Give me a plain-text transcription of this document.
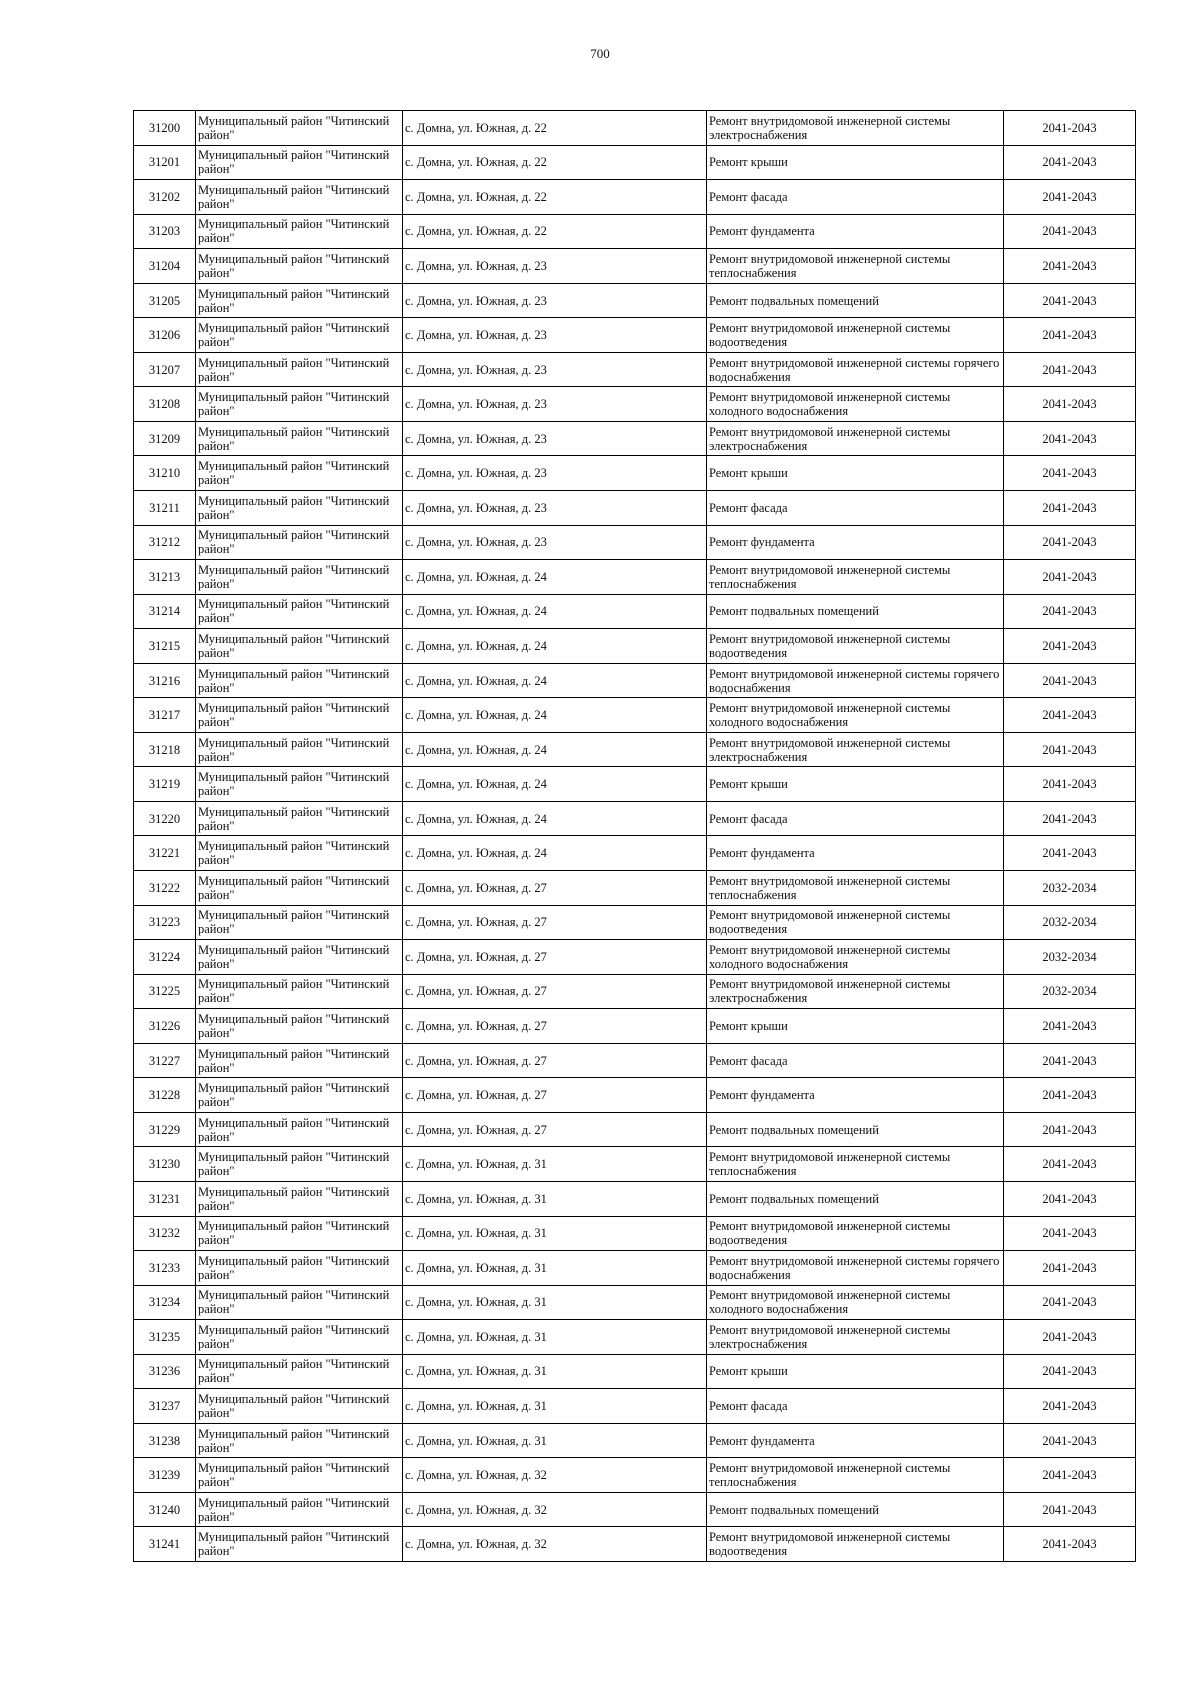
700
31200	Муниципальный район "Читинский район"	с. Домна, ул. Южная, д. 22	Ремонт внутридомовой инженерной системы электроснабжения	2041-2043
31201	Муниципальный район "Читинский район"	с. Домна, ул. Южная, д. 22	Ремонт крыши	2041-2043
31202	Муниципальный район "Читинский район"	с. Домна, ул. Южная, д. 22	Ремонт фасада	2041-2043
31203	Муниципальный район "Читинский район"	с. Домна, ул. Южная, д. 22	Ремонт фундамента	2041-2043
31204	Муниципальный район "Читинский район"	с. Домна, ул. Южная, д. 23	Ремонт внутридомовой инженерной системы теплоснабжения	2041-2043
31205	Муниципальный район "Читинский район"	с. Домна, ул. Южная, д. 23	Ремонт подвальных помещений	2041-2043
31206	Муниципальный район "Читинский район"	с. Домна, ул. Южная, д. 23	Ремонт внутридомовой инженерной системы водоотведения	2041-2043
31207	Муниципальный район "Читинский район"	с. Домна, ул. Южная, д. 23	Ремонт внутридомовой инженерной системы горячего водоснабжения	2041-2043
31208	Муниципальный район "Читинский район"	с. Домна, ул. Южная, д. 23	Ремонт внутридомовой инженерной системы холодного водоснабжения	2041-2043
31209	Муниципальный район "Читинский район"	с. Домна, ул. Южная, д. 23	Ремонт внутридомовой инженерной системы электроснабжения	2041-2043
31210	Муниципальный район "Читинский район"	с. Домна, ул. Южная, д. 23	Ремонт крыши	2041-2043
31211	Муниципальный район "Читинский район"	с. Домна, ул. Южная, д. 23	Ремонт фасада	2041-2043
31212	Муниципальный район "Читинский район"	с. Домна, ул. Южная, д. 23	Ремонт фундамента	2041-2043
31213	Муниципальный район "Читинский район"	с. Домна, ул. Южная, д. 24	Ремонт внутридомовой инженерной системы теплоснабжения	2041-2043
31214	Муниципальный район "Читинский район"	с. Домна, ул. Южная, д. 24	Ремонт подвальных помещений	2041-2043
31215	Муниципальный район "Читинский район"	с. Домна, ул. Южная, д. 24	Ремонт внутридомовой инженерной системы водоотведения	2041-2043
31216	Муниципальный район "Читинский район"	с. Домна, ул. Южная, д. 24	Ремонт внутридомовой инженерной системы горячего водоснабжения	2041-2043
31217	Муниципальный район "Читинский район"	с. Домна, ул. Южная, д. 24	Ремонт внутридомовой инженерной системы холодного водоснабжения	2041-2043
31218	Муниципальный район "Читинский район"	с. Домна, ул. Южная, д. 24	Ремонт внутридомовой инженерной системы электроснабжения	2041-2043
31219	Муниципальный район "Читинский район"	с. Домна, ул. Южная, д. 24	Ремонт крыши	2041-2043
31220	Муниципальный район "Читинский район"	с. Домна, ул. Южная, д. 24	Ремонт фасада	2041-2043
31221	Муниципальный район "Читинский район"	с. Домна, ул. Южная, д. 24	Ремонт фундамента	2041-2043
31222	Муниципальный район "Читинский район"	с. Домна, ул. Южная, д. 27	Ремонт внутридомовой инженерной системы теплоснабжения	2032-2034
31223	Муниципальный район "Читинский район"	с. Домна, ул. Южная, д. 27	Ремонт внутридомовой инженерной системы водоотведения	2032-2034
31224	Муниципальный район "Читинский район"	с. Домна, ул. Южная, д. 27	Ремонт внутридомовой инженерной системы холодного водоснабжения	2032-2034
31225	Муниципальный район "Читинский район"	с. Домна, ул. Южная, д. 27	Ремонт внутридомовой инженерной системы электроснабжения	2032-2034
31226	Муниципальный район "Читинский район"	с. Домна, ул. Южная, д. 27	Ремонт крыши	2041-2043
31227	Муниципальный район "Читинский район"	с. Домна, ул. Южная, д. 27	Ремонт фасада	2041-2043
31228	Муниципальный район "Читинский район"	с. Домна, ул. Южная, д. 27	Ремонт фундамента	2041-2043
31229	Муниципальный район "Читинский район"	с. Домна, ул. Южная, д. 27	Ремонт подвальных помещений	2041-2043
31230	Муниципальный район "Читинский район"	с. Домна, ул. Южная, д. 31	Ремонт внутридомовой инженерной системы теплоснабжения	2041-2043
31231	Муниципальный район "Читинский район"	с. Домна, ул. Южная, д. 31	Ремонт подвальных помещений	2041-2043
31232	Муниципальный район "Читинский район"	с. Домна, ул. Южная, д. 31	Ремонт внутридомовой инженерной системы водоотведения	2041-2043
31233	Муниципальный район "Читинский район"	с. Домна, ул. Южная, д. 31	Ремонт внутридомовой инженерной системы горячего водоснабжения	2041-2043
31234	Муниципальный район "Читинский район"	с. Домна, ул. Южная, д. 31	Ремонт внутридомовой инженерной системы холодного водоснабжения	2041-2043
31235	Муниципальный район "Читинский район"	с. Домна, ул. Южная, д. 31	Ремонт внутридомовой инженерной системы электроснабжения	2041-2043
31236	Муниципальный район "Читинский район"	с. Домна, ул. Южная, д. 31	Ремонт крыши	2041-2043
31237	Муниципальный район "Читинский район"	с. Домна, ул. Южная, д. 31	Ремонт фасада	2041-2043
31238	Муниципальный район "Читинский район"	с. Домна, ул. Южная, д. 31	Ремонт фундамента	2041-2043
31239	Муниципальный район "Читинский район"	с. Домна, ул. Южная, д. 32	Ремонт внутридомовой инженерной системы теплоснабжения	2041-2043
31240	Муниципальный район "Читинский район"	с. Домна, ул. Южная, д. 32	Ремонт подвальных помещений	2041-2043
31241	Муниципальный район "Читинский район"	с. Домна, ул. Южная, д. 32	Ремонт внутридомовой инженерной системы водоотведения	2041-2043
